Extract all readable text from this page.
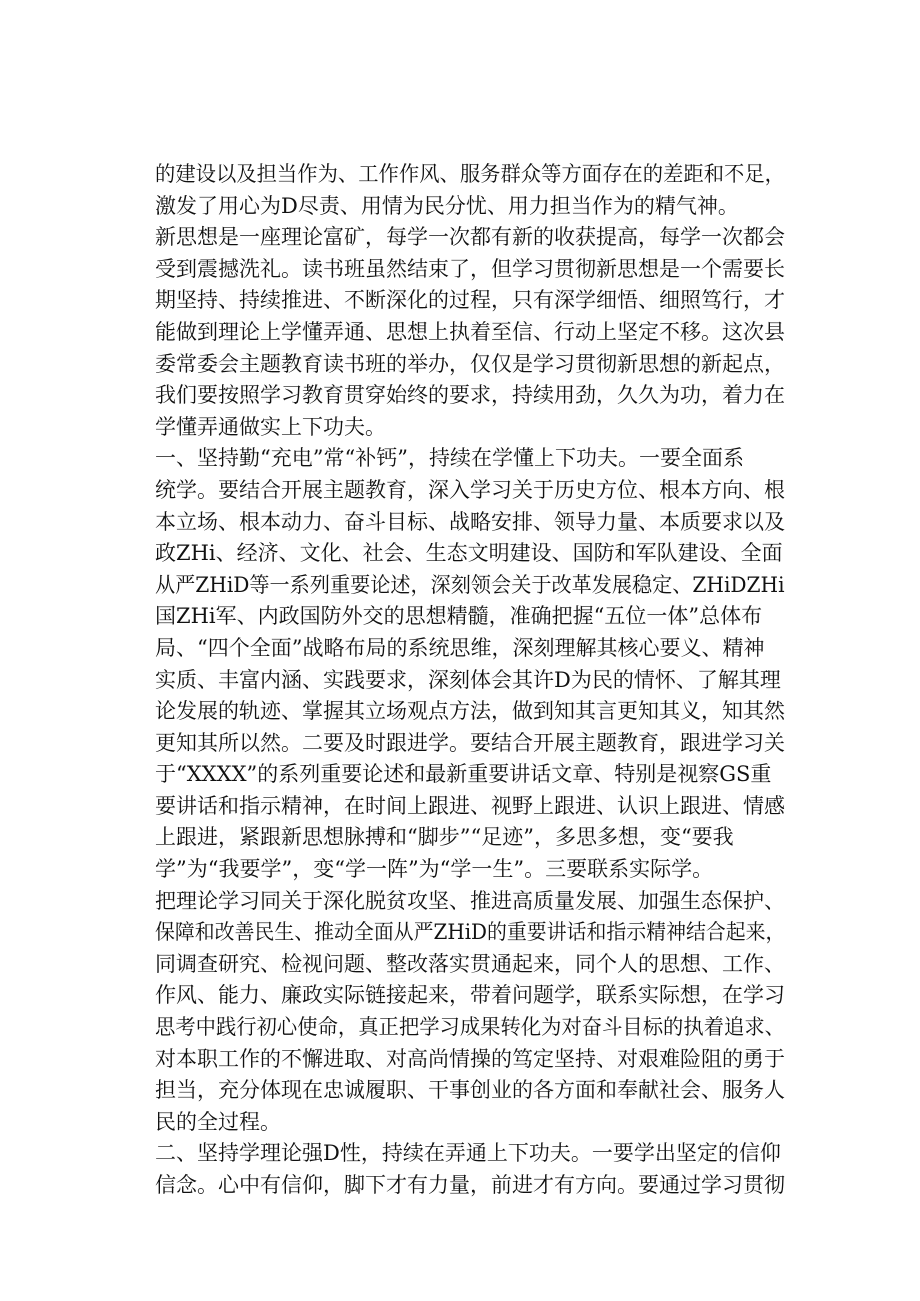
的建设以及担当作为、工作作风、服务群众等方面存在的差距和不足，
激发了用心为D尽责、用情为民分忧、用力担当作为的精气神。
新思想是一座理论富矿，每学一次都有新的收获提高，每学一次都会
受到震撼洗礼。读书班虽然结束了，但学习贯彻新思想是一个需要长
期坚持、持续推进、不断深化的过程，只有深学细悟、细照笃行，才
能做到理论上学懂弄通、思想上执着至信、行动上坚定不移。这次县
委常委会主题教育读书班的举办，仅仅是学习贯彻新思想的新起点，
我们要按照学习教育贯穿始终的要求，持续用劲，久久为功，着力在
学懂弄通做实上下功夫。
一、坚持勤“充电”常“补钙”，持续在学懂上下功夫。一要全面系
统学。要结合开展主题教育，深入学习关于历史方位、根本方向、根
本立场、根本动力、奋斗目标、战略安排、领导力量、本质要求以及
政ZHi、经济、文化、社会、生态文明建设、国防和军队建设、全面
从严ZHiD等一系列重要论述，深刻领会关于改革发展稳定、ZHiDZHi
国ZHi军、内政国防外交的思想精髓，准确把握“五位一体”总体布
局、“四个全面”战略布局的系统思维，深刻理解其核心要义、精神
实质、丰富内涵、实践要求，深刻体会其许D为民的情怀、了解其理
论发展的轨迹、掌握其立场观点方法，做到知其言更知其义，知其然
更知其所以然。二要及时跟进学。要结合开展主题教育，跟进学习关
于“XXXX”的系列重要论述和最新重要讲话文章、特别是视察GS重
要讲话和指示精神，在时间上跟进、视野上跟进、认识上跟进、情感
上跟进，紧跟新思想脉搏和“脚步”“足迹”，多思多想，变“要我
学”为“我要学”，变“学一阵”为“学一生”。三要联系实际学。
把理论学习同关于深化脱贫攻坚、推进高质量发展、加强生态保护、
保障和改善民生、推动全面从严ZHiD的重要讲话和指示精神结合起来，
同调查研究、检视问题、整改落实贯通起来，同个人的思想、工作、
作风、能力、廉政实际链接起来，带着问题学，联系实际想，在学习
思考中践行初心使命，真正把学习成果转化为对奋斗目标的执着追求、
对本职工作的不懈进取、对高尚情操的笃定坚持、对艰难险阻的勇于
担当，充分体现在忠诚履职、干事创业的各方面和奉献社会、服务人
民的全过程。
二、坚持学理论强D性，持续在弄通上下功夫。一要学出坚定的信仰
信念。心中有信仰，脚下才有力量，前进才有方向。要通过学习贯彻
